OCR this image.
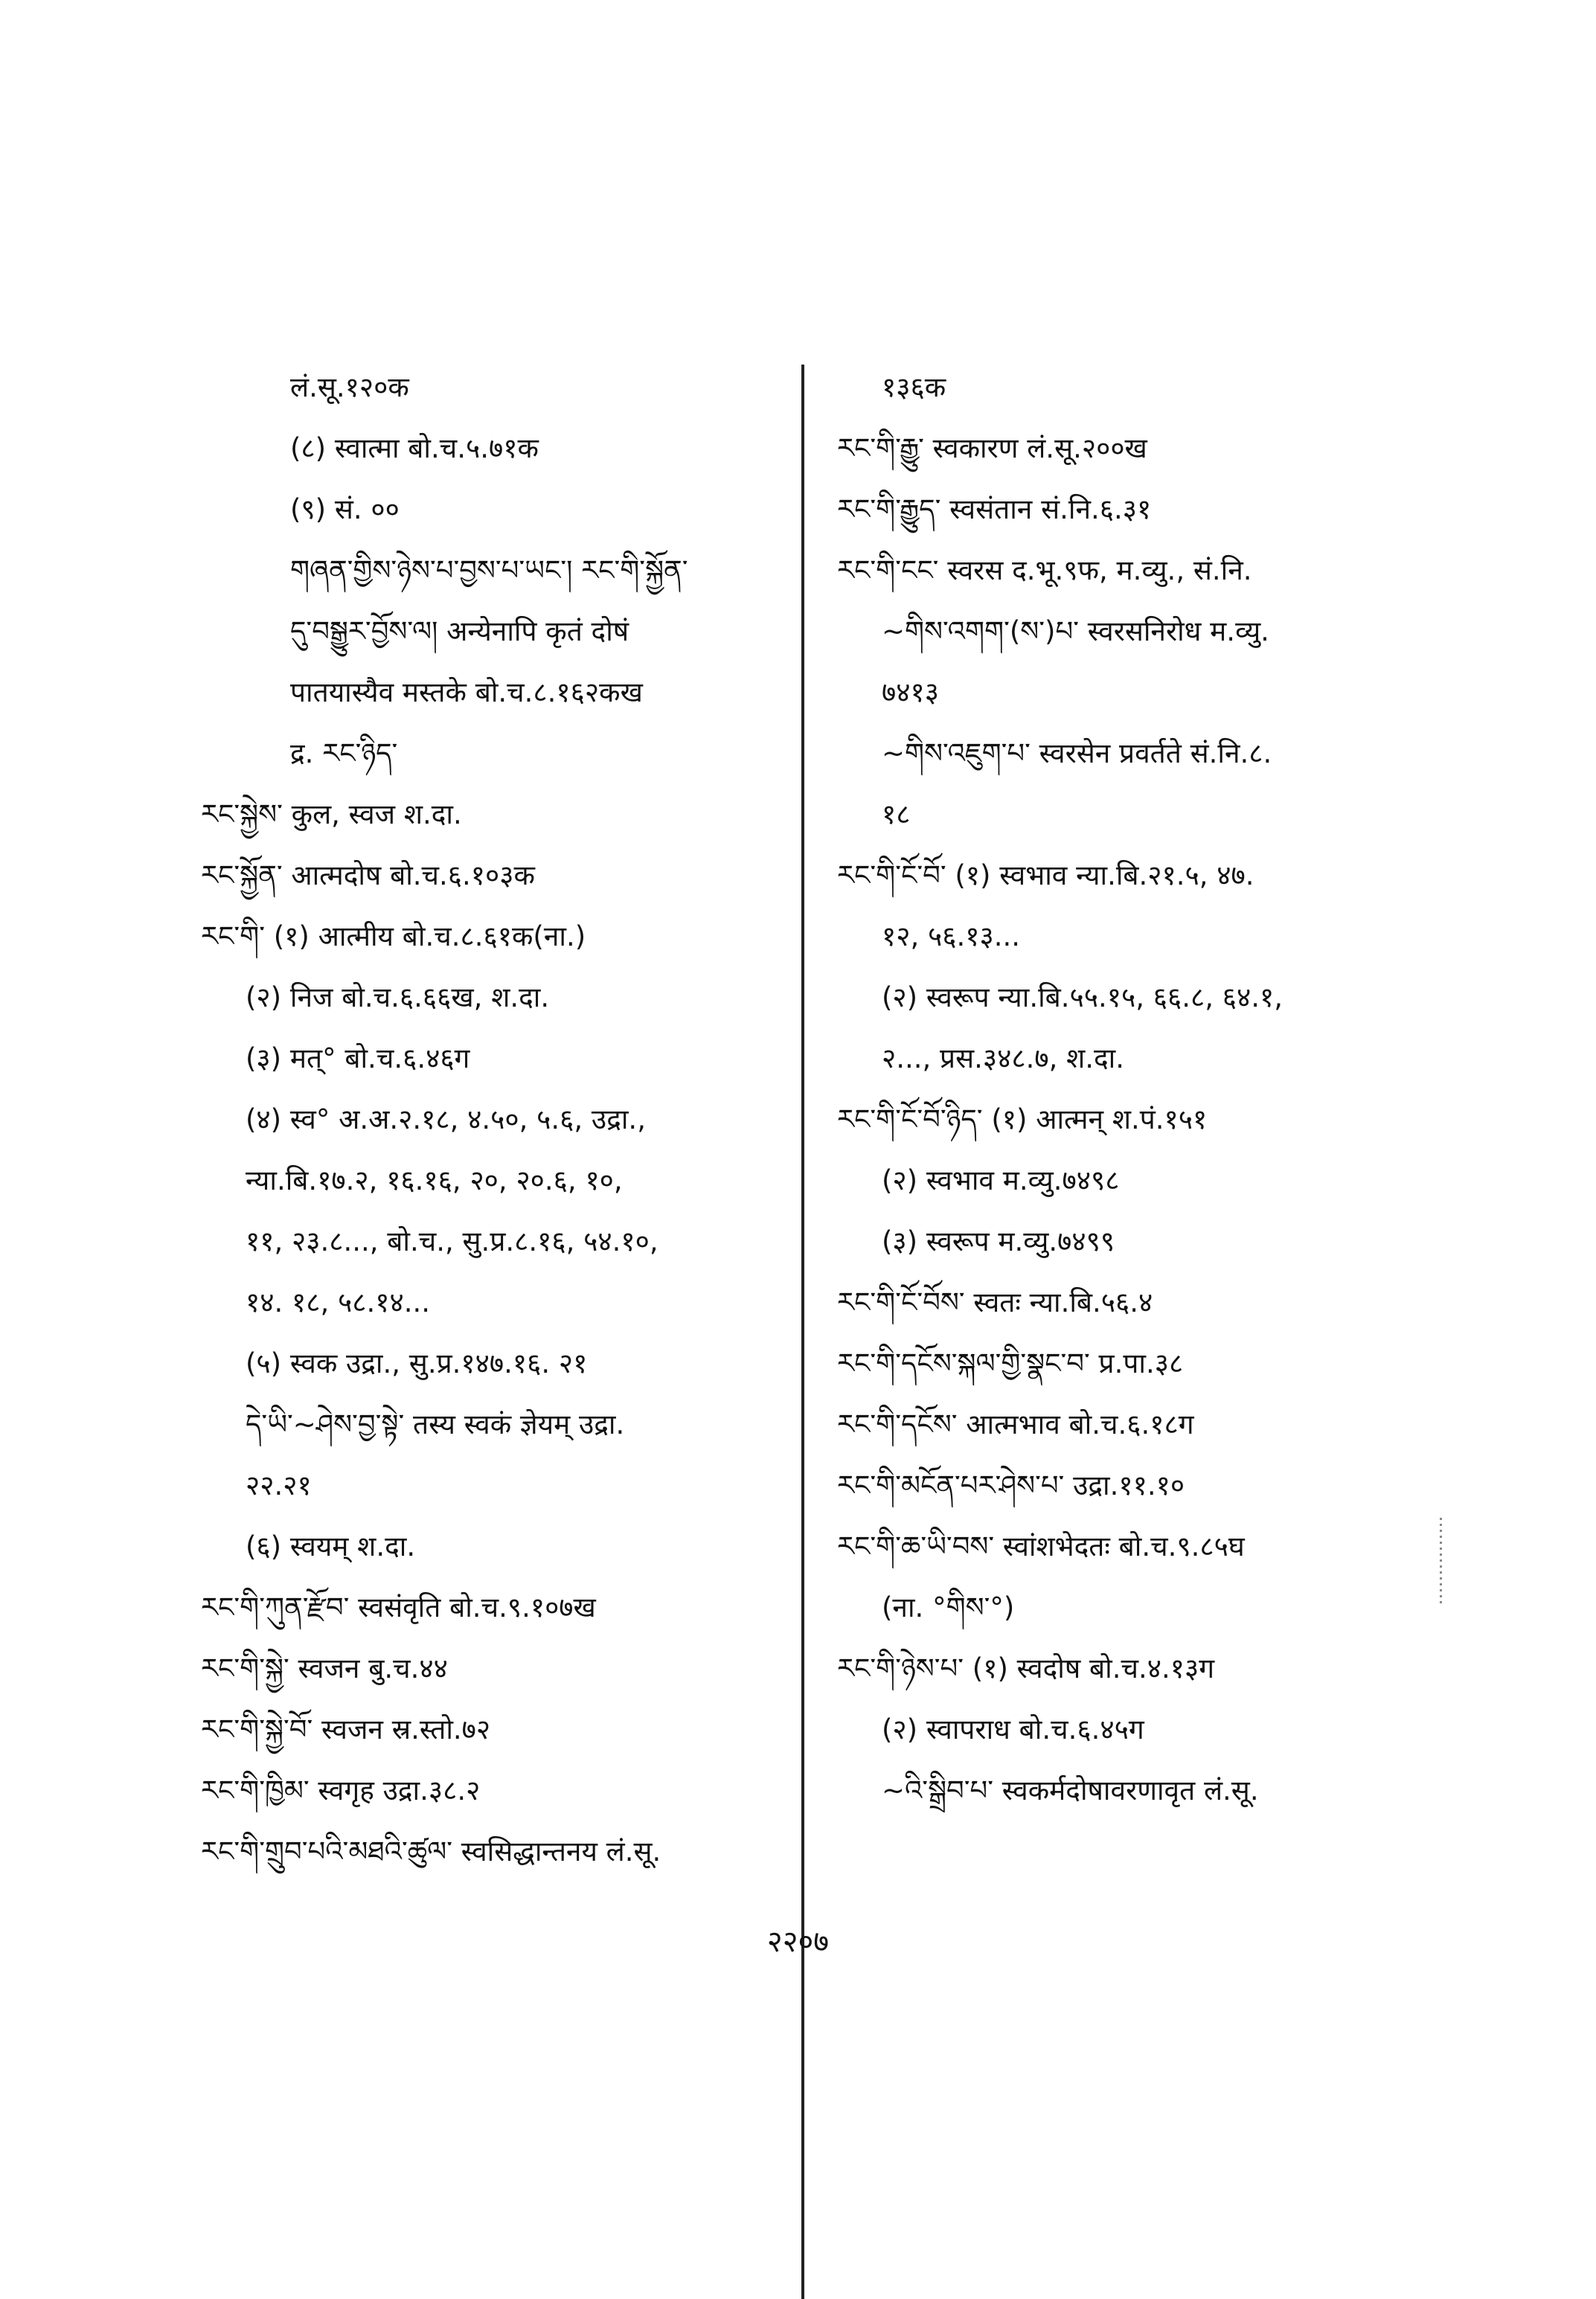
लं.सू.१२०क
(८) स्वात्मा बो.च.५.७१क
(९) सं. ००
གཞན་གྱིས་ཉེས་པ་བྱས་པ་ཡང་། རང་གི་སྐྱོན་
དུ་བསྒྱུར་བྱོས་ལ། अन्येनापि कृतं दोषं
पातयास्यैव मस्तके बो.च.८.१६२कख
द्र. རང་ཉིད་
རང་སྐྱེས་ कुल, स्वज श.दा.
རང་སྐྱོན་ आत्मदोष बो.च.६.१०३क
རང་གི་ (१) आत्मीय बो.च.८.६१क(ना.)
(२) निज बो.च.६.६६ख, श.दा.
(३) मत्° बो.च.६.४६ग
(४) स्व° अ.अ.२.१८, ४.५०, ५.६, उद्रा.,
न्या.बि.१७.२, १६.१६, २०, २०.६, १०,
११, २३.८..., बो.च., सु.प्र.८.१६, ५४.१०,
१४. १८, ५८.१४...
(५) स्वक उद्रा., सु.प्र.१४७.१६. २१
དེ་ཡི་~ཤེས་བྱ་སྟེ་ तस्य स्वकं ज्ञेयम् उद्रा.
२२.२१
(६) स्वयम् श.दा.
རང་གི་ཀུན་རྫོབ་ स्वसंवृति बो.च.९.१०७ख
རང་གི་སྐྱེ་ स्वजन बु.च.४४
རང་གི་སྐྱེ་བོ་ स्वजन स्र.स्तो.७२
རང་གི་ཁྱིམ་ स्वगृह उद्रा.३८.२
རང་གི་གྲུབ་པའི་མཐའི་ཚུལ་ स्वसिद्धान्तनय लं.सू.
१३६क
རང་གི་རྒྱུ་ स्वकारण लं.सू.२००ख
རང་གི་རྒྱུད་ स्वसंतान सं.नि.६.३१
རང་གི་ངང་ स्वरस द.भू.९फ, म.व्यु., सं.नि.
~གིས་འགག་(ས་)པ་ स्वरसनिरोध म.व्यु.
७४१३
~གིས་འཇུག་པ་ स्वरसेन प्रवर्तते सं.नि.८.
१८
རང་གི་ངོ་བོ་ (१) स्वभाव न्या.बि.२१.५, ४७.
१२, ५६.१३...
(२) स्वरूप न्या.बि.५५.१५, ६६.८, ६४.१,
२..., प्रस.३४८.७, श.दा.
རང་གི་ངོ་བོ་ཉིད་ (१) आत्मन् श.पं.१५१
(२) स्वभाव म.व्यु.७४९८
(३) स्वरूप म.व्यु.७४९९
རང་གི་ངོ་བོས་ स्वतः न्या.बि.५६.४
རང་གི་དངོས་སྐལ་གྱི་སྣང་བ་ प्र.पा.३८
རང་གི་དངོས་ आत्मभाव बो.च.६.१८ग
རང་གི་མངོན་པར་ཤེས་པ་ उद्रा.११.१०
རང་གི་ཆ་ཡི་བས་ स्वांशभेदतः बो.च.९.८५घ
(ना. °གིས་°)
རང་གི་ཉེས་པ་ (१) स्वदोष बो.च.४.१३ग
(२) स्वापराध बो.च.६.४५ग
~འི་སྒྲིབ་པ་ स्वकर्मदोषावरणावृत लं.सू.
२२०७
